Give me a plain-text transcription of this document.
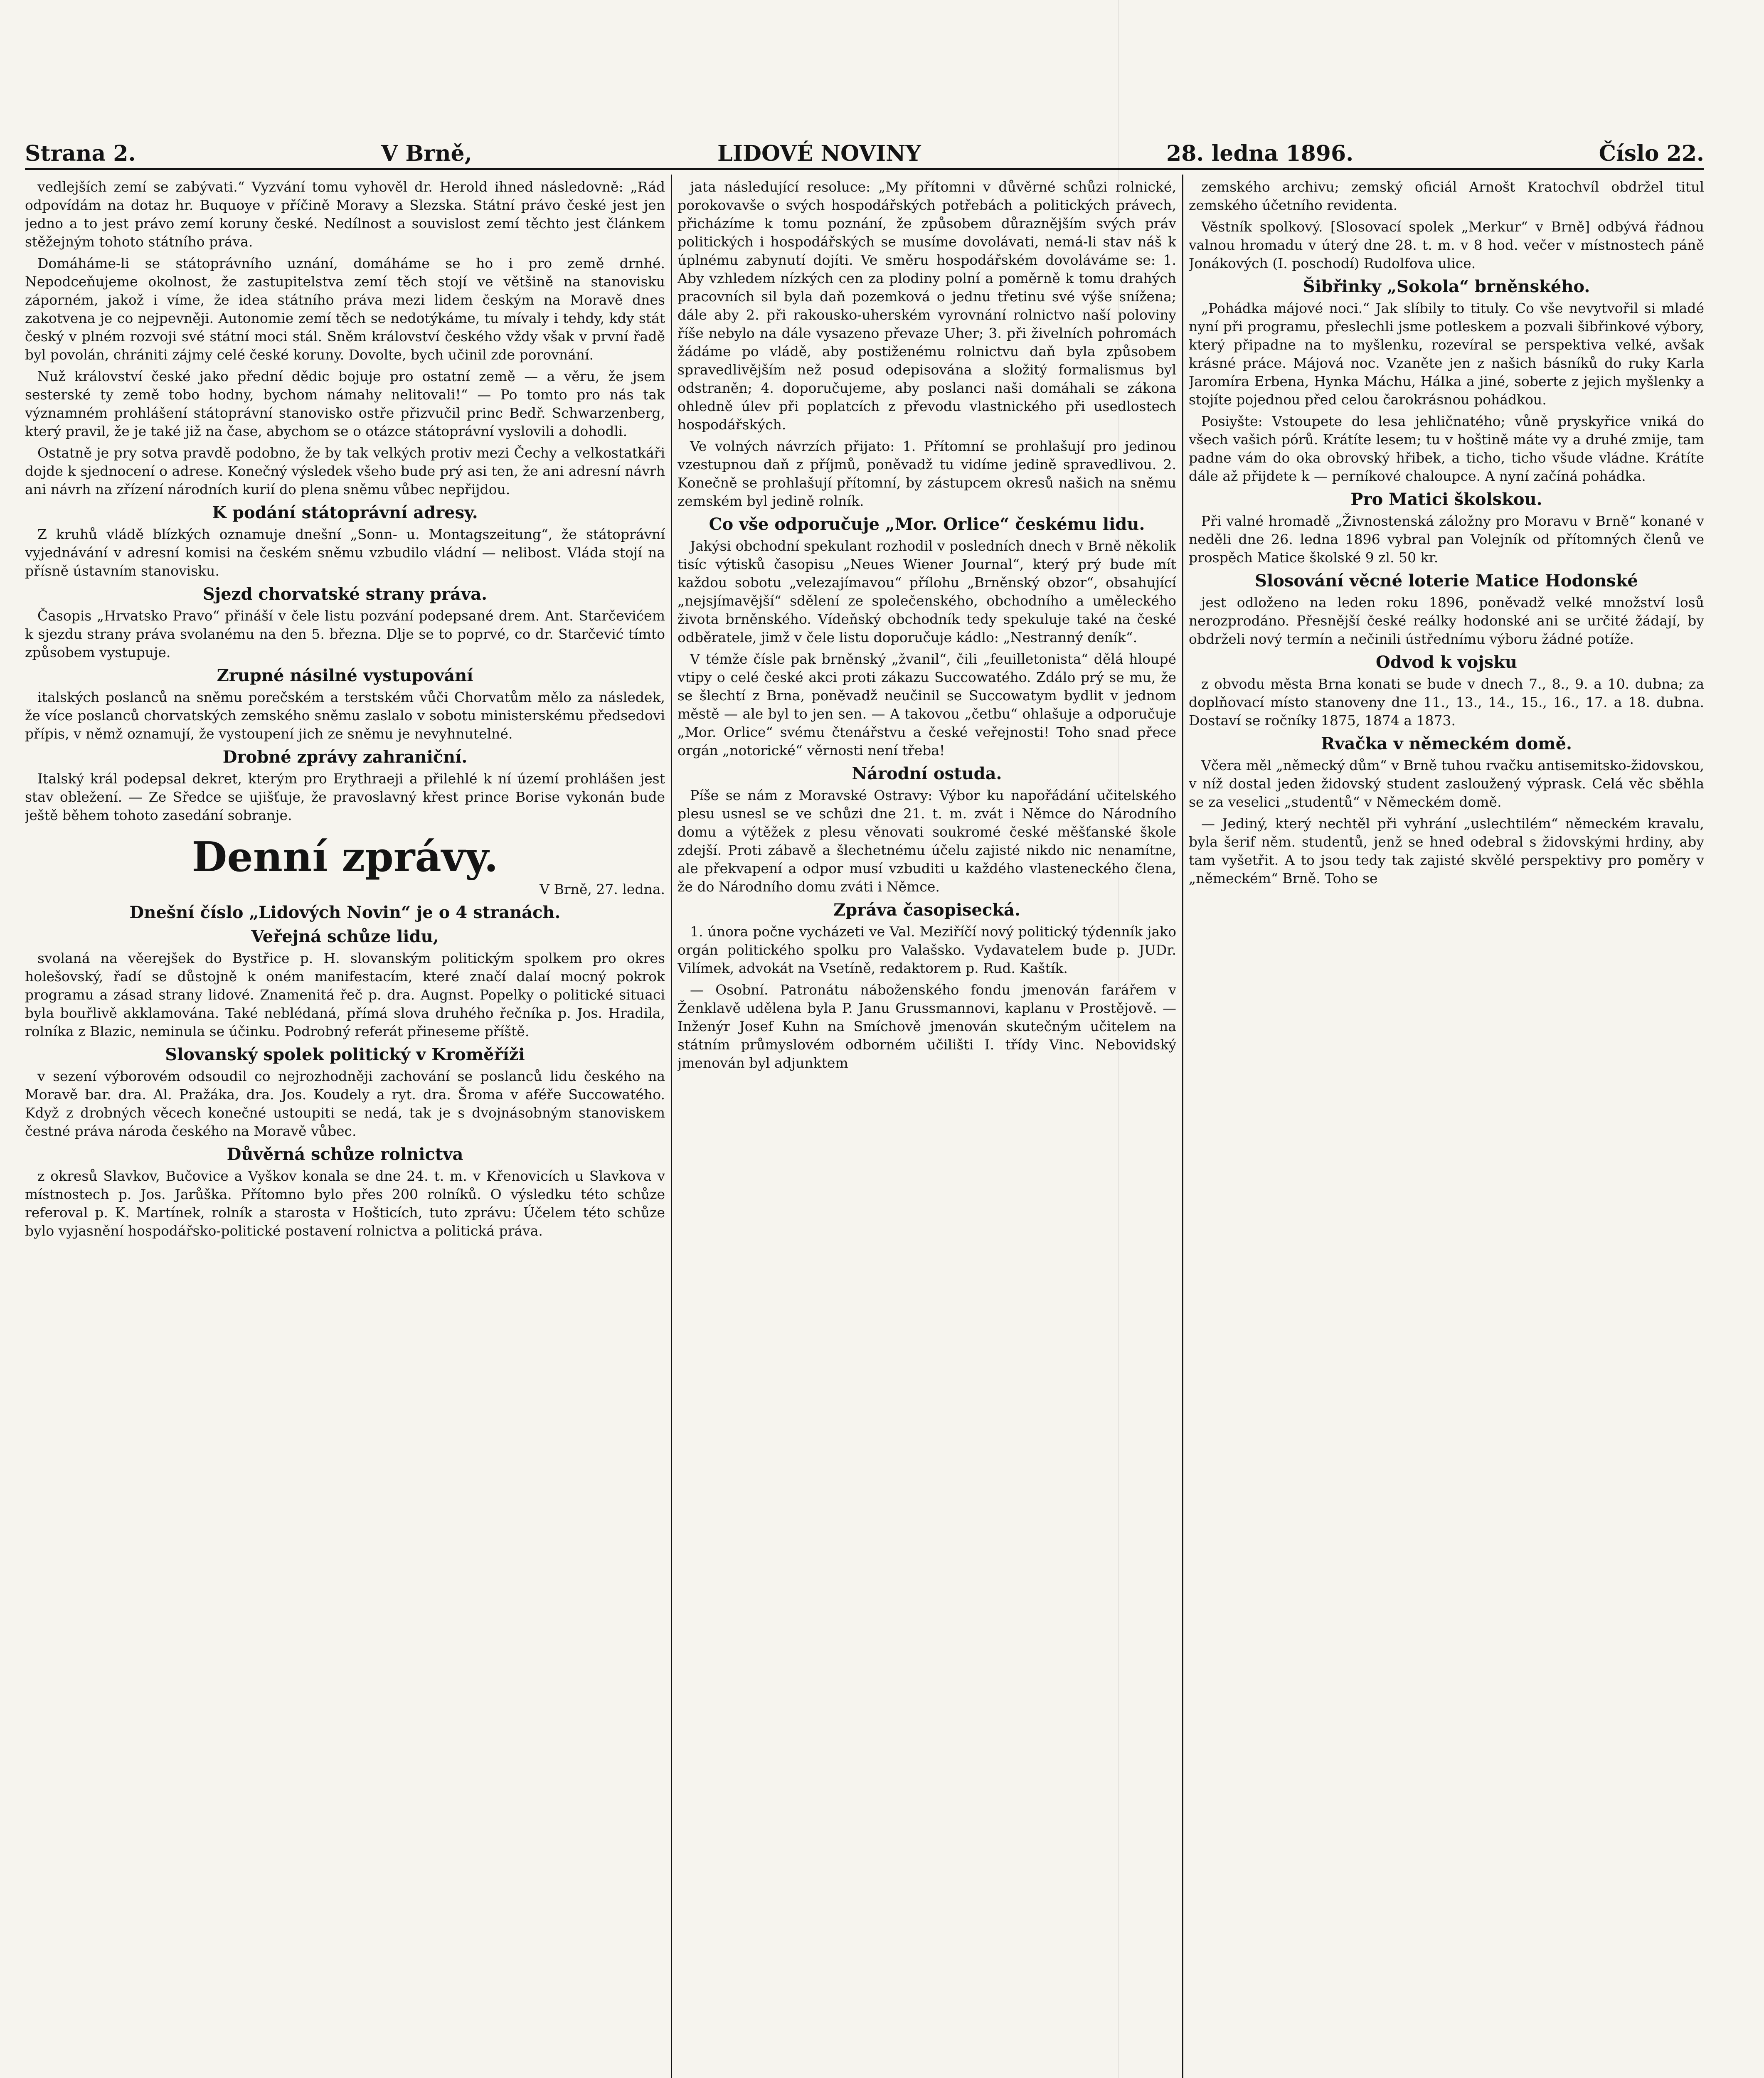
Strana 2.	V Brně,	LIDOVÉ NOVINY	28. ledna 1896.	Číslo 22.

vedlejších zemí se zabývati.“ Vyzvání tomu vyhověl dr. Herold ihned následovně: „Rád odpovídám na dotaz hr. Buquoye v příčině Moravy a Slezska. Státní právo české jest jen jedno a to jest právo zemí koruny české. Nedílnost a souvislost zemí těchto jest článkem stěžejným tohoto státního práva.

Domáháme-li se státoprávního uznání, domáháme se ho i pro země drnhé. Nepodceňujeme okolnost, že zastupitelstva zemí těch stojí ve většině na stanovisku záporném, jakož i víme, že idea státního práva mezi lidem českým na Moravě dnes zakotvena je co nejpevněji. Autonomie zemí těch se nedotýkáme, tu mívaly i tehdy, kdy stát český v plném rozvoji své státní moci stál. Sněm království českého vždy však v první řadě byl povolán, chrániti zájmy celé české koruny. Dovolte, bych učinil zde porovnání.

Nuž království české jako přední dědic bojuje pro ostatní země — a věru, že jsem sesterské ty země tobo hodny, bychom námahy nelitovali!“ — Po tomto pro nás tak významném prohlášení státoprávní stanovisko ostře přizvučil princ Bedř. Schwarzenberg, který pravil, že je také již na čase, abychom se o otázce státoprávní vyslovili a dohodli.

Ostatně je pry sotva pravdě podobno, že by tak velkých protiv mezi Čechy a velkostatkáři dojde k sjednocení o adrese. Konečný výsledek všeho bude prý asi ten, že ani adresní návrh ani návrh na zřízení národních kurií do plena sněmu vůbec nepřijdou.

K podání státoprávní adresy.

Z kruhů vládě blízkých oznamuje dnešní „Sonn- u. Montagszeitung“, že státoprávní vyjednávání v adresní komisi na českém sněmu vzbudilo vládní — nelibost. Vláda stojí na přísně ústavním stanovisku.

Sjezd chorvatské strany práva.

Časopis „Hrvatsko Pravo“ přináší v čele listu pozvání podepsané drem. Ant. Starčevićem k sjezdu strany práva svolanému na den 5. března. Dlje se to poprvé, co dr. Starčević tímto způsobem vystupuje.

Zrupné násilné vystupování

italských poslanců na sněmu porečském a terstském vůči Chorvatům mělo za následek, že více poslanců chorvatských zemského sněmu zaslalo v sobotu ministerskému předsedovi přípis, v němž oznamují, že vystoupení jich ze sněmu je nevyhnutelné.

Drobné zprávy zahraniční.

Italský král podepsal dekret, kterým pro Erythraeji a přilehlé k ní území prohlášen jest stav obležení. — Ze Sředce se ujišťuje, že pravoslavný křest prince Borise vykonán bude ještě během tohoto zasedání sobranje.

Denní zprávy.
V Brně, 27. ledna.
Dnešní číslo „Lidových Novin“ je o 4 stranách.
Veřejná schůze lidu,

svolaná na věerejšek do Bystřice p. H. slovanským politickým spolkem pro okres holešovský, řadí se důstojně k oném manifestacím, které značí dalaí mocný pokrok programu a zásad strany lidové. Znamenitá řeč p. dra. Augnst. Popelky o politické situaci byla bouřlivě akklamována. Také neblédaná, přímá slova druhého řečníka p. Jos. Hradila, rolníka z Blazic, neminula se účinku. Podrobný referát přineseme příště.

Slovanský spolek politický v Kroměříži

v sezení výborovém odsoudil co nejrozhodněji zachování se poslanců lidu českého na Moravě bar. dra. Al. Pražáka, dra. Jos. Koudely a ryt. dra. Šroma v aféře Succowatého. Když z drobných věcech konečné ustoupiti se nedá, tak je s dvojnásobným stanoviskem čestné práva národa českého na Moravě vůbec.

Důvěrná schůze rolnictva

z okresů Slavkov, Bučovice a Vyškov konala se dne 24. t. m. v Křenovicích u Slavkova v místnostech p. Jos. Jarůška. Přítomno bylo přes 200 rolníků. O výsledku této schůze referoval p. K. Martínek, rolník a starosta v Hošticích, tuto zprávu: Účelem této schůze bylo vyjasnění hospodářsko-politické postavení rolnictva a politická práva.

jata následující resoluce: „My přítomni v důvěrné schůzi rolnické, porokovavše o svých hospodářských potřebách a politických právech, přicházíme k tomu poznání, že způsobem důraznějším svých práv politických i hospodářských se musíme dovolávati, nemá-li stav náš k úplnému zabynutí dojíti. Ve směru hospodářském dovoláváme se: 1. Aby vzhledem nízkých cen za plodiny polní a poměrně k tomu drahých pracovních sil byla daň pozemková o jednu třetinu své výše snížena; dále aby 2. při rakousko-uherském vyrovnání rolnictvo naší poloviny říše nebylo na dále vysazeno převaze Uher; 3. při živelních pohromách žádáme po vládě, aby postiženému rolnictvu daň byla způsobem spravedlivějším než posud odepisována a složitý formalismus byl odstraněn; 4. doporučujeme, aby poslanci naši domáhali se zákona ohledně úlev při poplatcích z převodu vlastnického při usedlostech hospodářských.

Ve volných návrzích přijato: 1. Přítomní se prohlašují pro jedinou vzestupnou daň z příjmů, poněvadž tu vidíme jedině spravedlivou. 2. Konečně se prohlašují přítomní, by zástupcem okresů našich na sněmu zemském byl jedině rolník.

Co vše odporučuje „Mor. Orlice“ českému lidu.

Jakýsi obchodní spekulant rozhodil v posledních dnech v Brně několik tisíc výtisků časopisu „Neues Wiener Journal“, který prý bude mít každou sobotu „velezajímavou“ přílohu „Brněnský obzor“, obsahující „nejsjímavější“ sdělení ze společenského, obchodního a uměleckého života brněnského. Vídeňský obchodník tedy spekuluje také na české odběratele, jimž v čele listu doporučuje kádlo: „Nestranný deník“.

V témže čísle pak brněnský „žvanil“, čili „feuilletonista“ dělá hloupé vtipy o celé české akci proti zákazu Succowatého. Zdálo prý se mu, že se šlechtí z Brna, poněvadž neučinil se Succowatym bydlit v jednom městě — ale byl to jen sen. — A takovou „četbu“ ohlašuje a odporučuje „Mor. Orlice“ svému čtenářstvu a české veřejnosti! Toho snad přece orgán „notorické“ věrnosti není třeba!

Národní ostuda.

Píše se nám z Moravské Ostravy: Výbor ku napořádání učitelského plesu usnesl se ve schůzi dne 21. t. m. zvát i Němce do Národního domu a výtěžek z plesu věnovati soukromé české měšťanské škole zdejší. Proti zábavě a šlechetnému účelu zajisté nikdo nic nenamítne, ale překvapení a odpor musí vzbuditi u každého vlasteneckého člena, že do Národního domu zváti i Němce.

Zpráva časopisecká.

1. února počne vycházeti ve Val. Meziříčí nový politický týdenník jako orgán politického spolku pro Valašsko. Vydavatelem bude p. JUDr. Vilímek, advokát na Vsetíně, redaktorem p. Rud. Kaštík.

— Osobní. Patronátu náboženského fondu jmenován farářem v Ženklavě udělena byla P. Janu Grussmannovi, kaplanu v Prostějově. — Inženýr Josef Kuhn na Smíchově jmenován skutečným učitelem na státním průmyslovém odborném učilišti I. třídy Vinc. Nebovidský jmenován byl adjunktem

zemského archivu; zemský oficiál Arnošt Kratochvíl obdržel titul zemského účetního revidenta.

Věstník spolkový. [Slosovací spolek „Merkur“ v Brně] odbývá řádnou valnou hromadu v úterý dne 28. t. m. v 8 hod. večer v místnostech páně Jonákových (I. poschodí) Rudolfova ulice.

Šibřinky „Sokola“ brněnského.

„Pohádka májové noci.“ Jak slíbily to tituly. Co vše nevytvořil si mladé nyní při programu, přeslechli jsme potleskem a pozvali šibřinkové výbory, který připadne na to myšlenku, rozevíral se perspektiva velké, avšak krásné práce. Májová noc. Vzaněte jen z našich básníků do ruky Karla Jaromíra Erbena, Hynka Máchu, Hálka a jiné, soberte z jejich myšlenky a stojíte pojednou před celou čarokrásnou pohádkou.

Posiyšte: Vstoupete do lesa jehličnatého; vůně pryskyřice vniká do všech vašich pórů. Krátíte lesem; tu v hoštině máte vy a druhé zmije, tam padne vám do oka obrovský hřibek, a ticho, ticho všude vládne. Krátíte dále až přijdete k — perníkové chaloupce. A nyní začíná pohádka.

Pro Matici školskou.

Při valné hromadě „Živnostenská záložny pro Moravu v Brně“ konané v neděli dne 26. ledna 1896 vybral pan Volejník od přítomných členů ve prospěch Matice školské 9 zl. 50 kr.

Slosování věcné loterie Matice Hodonské

jest odloženo na leden roku 1896, poněvadž velké množství losů nerozprodáno. Přesnější české reálky hodonské ani se určité žádají, by obdrželi nový termín a nečinili ústřednímu výboru žádné potíže.

Odvod k vojsku

z obvodu města Brna konati se bude v dnech 7., 8., 9. a 10. dubna; za doplňovací místo stanoveny dne 11., 13., 14., 15., 16., 17. a 18. dubna. Dostaví se ročníky 1875, 1874 a 1873.

Rvačka v německém domě.

Včera měl „německý dům“ v Brně tuhou rvačku antisemitsko-židovskou, v níž dostal jeden židovský student zasloužený výprask. Celá věc sběhla se za veselici „studentů“ v Německém domě.

— Jediný, který nechtěl při vyhrání „uslechtilém“ německém kravalu, byla šerif něm. studentů, jenž se hned odebral s židovskými hrdiny, aby tam vyšetřit. A to jsou tedy tak zajisté skvělé perspektivy pro poměry v „německém“ Brně. Toho se
